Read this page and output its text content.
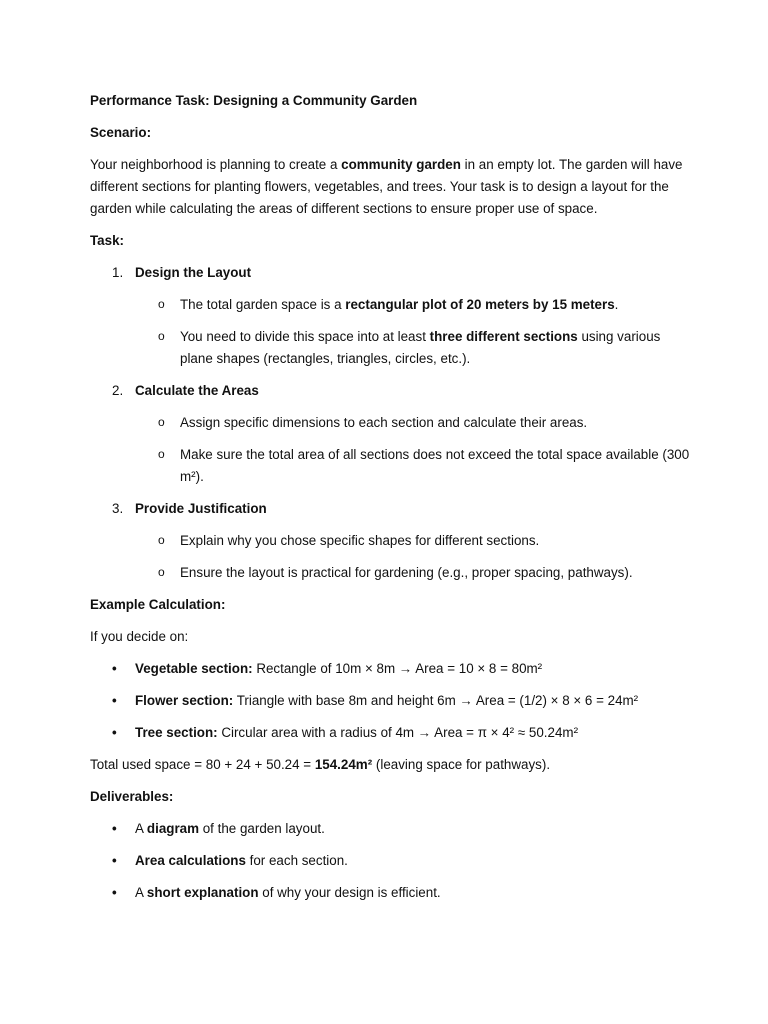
Performance Task: Designing a Community Garden

Scenario:

Your neighborhood is planning to create a community garden in an empty lot. The garden will have different sections for planting flowers, vegetables, and trees. Your task is to design a layout for the garden while calculating the areas of different sections to ensure proper use of space.

Task:

1. Design the Layout
o The total garden space is a rectangular plot of 20 meters by 15 meters.
o You need to divide this space into at least three different sections using various plane shapes (rectangles, triangles, circles, etc.).
2. Calculate the Areas
o Assign specific dimensions to each section and calculate their areas.
o Make sure the total area of all sections does not exceed the total space available (300 m²).
3. Provide Justification
o Explain why you chose specific shapes for different sections.
o Ensure the layout is practical for gardening (e.g., proper spacing, pathways).

Example Calculation:

If you decide on:

• Vegetable section: Rectangle of 10m × 8m → Area = 10 × 8 = 80m²
• Flower section: Triangle with base 8m and height 6m → Area = (1/2) × 8 × 6 = 24m²
• Tree section: Circular area with a radius of 4m → Area = π × 4² ≈ 50.24m²

Total used space = 80 + 24 + 50.24 = 154.24m² (leaving space for pathways).

Deliverables:

• A diagram of the garden layout.
• Area calculations for each section.
• A short explanation of why your design is efficient.
